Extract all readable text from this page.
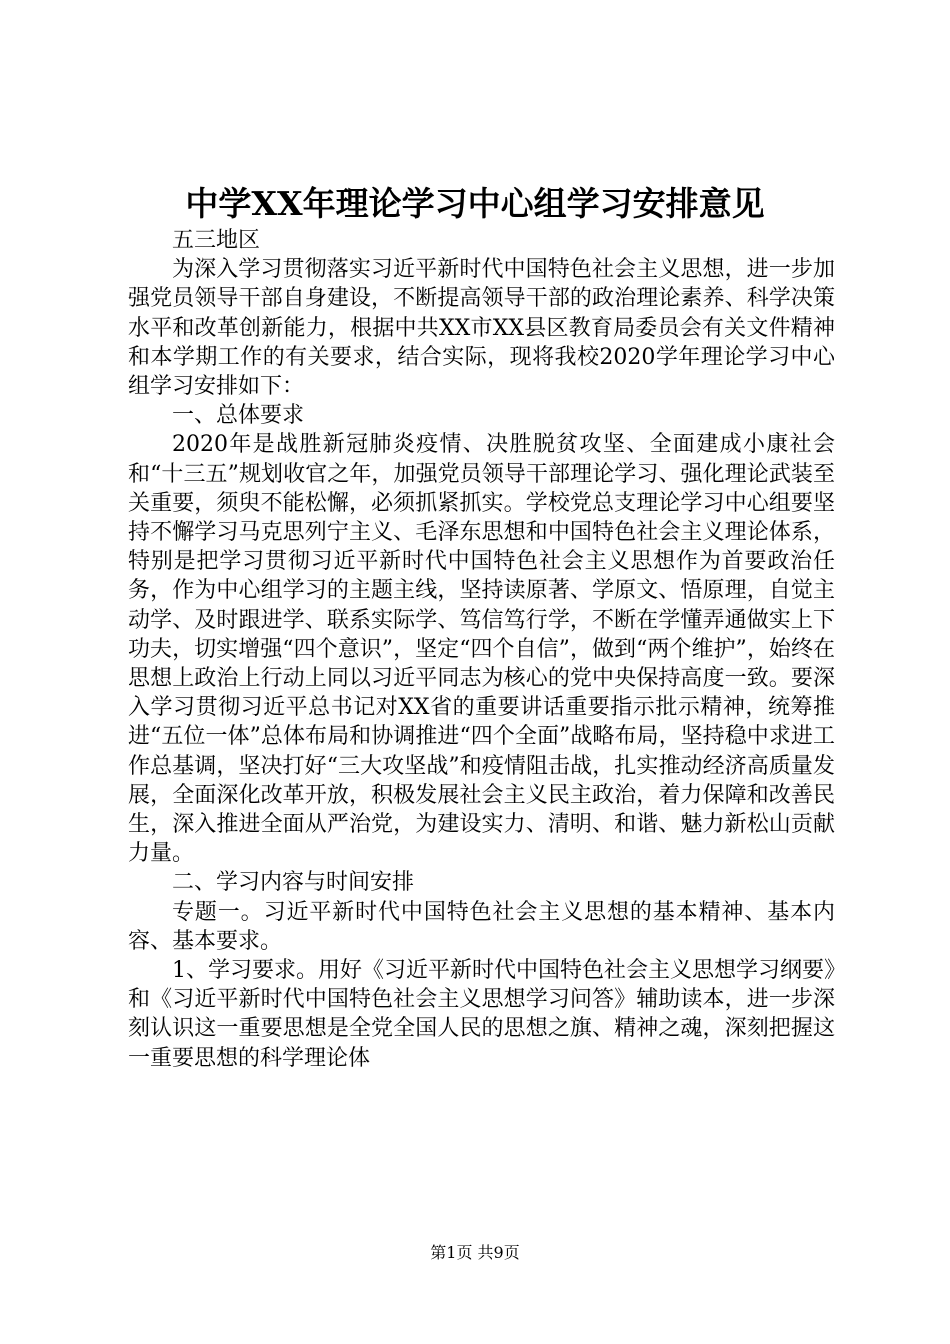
中学XX年理论学习中心组学习安排意见

五三地区

为深入学习贯彻落实习近平新时代中国特色社会主义思想，进一步加强党员领导干部自身建设，不断提高领导干部的政治理论素养、科学决策水平和改革创新能力，根据中共XX市XX县区教育局委员会有关文件精神和本学期工作的有关要求，结合实际，现将我校2020学年理论学习中心组学习安排如下：

一、总体要求

2020年是战胜新冠肺炎疫情、决胜脱贫攻坚、全面建成小康社会和“十三五”规划收官之年，加强党员领导干部理论学习、强化理论武装至关重要，须臾不能松懈，必须抓紧抓实。学校党总支理论学习中心组要坚持不懈学习马克思列宁主义、毛泽东思想和中国特色社会主义理论体系，特别是把学习贯彻习近平新时代中国特色社会主义思想作为首要政治任务，作为中心组学习的主题主线，坚持读原著、学原文、悟原理，自觉主动学、及时跟进学、联系实际学、笃信笃行学，不断在学懂弄通做实上下功夫，切实增强“四个意识”，坚定“四个自信”，做到“两个维护”，始终在思想上政治上行动上同以习近平同志为核心的党中央保持高度一致。要深入学习贯彻习近平总书记对XX省的重要讲话重要指示批示精神，统筹推进“五位一体”总体布局和协调推进“四个全面”战略布局，坚持稳中求进工作总基调，坚决打好“三大攻坚战”和疫情阻击战，扎实推动经济高质量发展，全面深化改革开放，积极发展社会主义民主政治，着力保障和改善民生，深入推进全面从严治党，为建设实力、清明、和谐、魅力新松山贡献力量。

二、学习内容与时间安排

专题一。习近平新时代中国特色社会主义思想的基本精神、基本内容、基本要求。

1、学习要求。用好《习近平新时代中国特色社会主义思想学习纲要》和《习近平新时代中国特色社会主义思想学习问答》辅助读本，进一步深刻认识这一重要思想是全党全国人民的思想之旗、精神之魂，深刻把握这一重要思想的科学理论体

第1页 共9页
